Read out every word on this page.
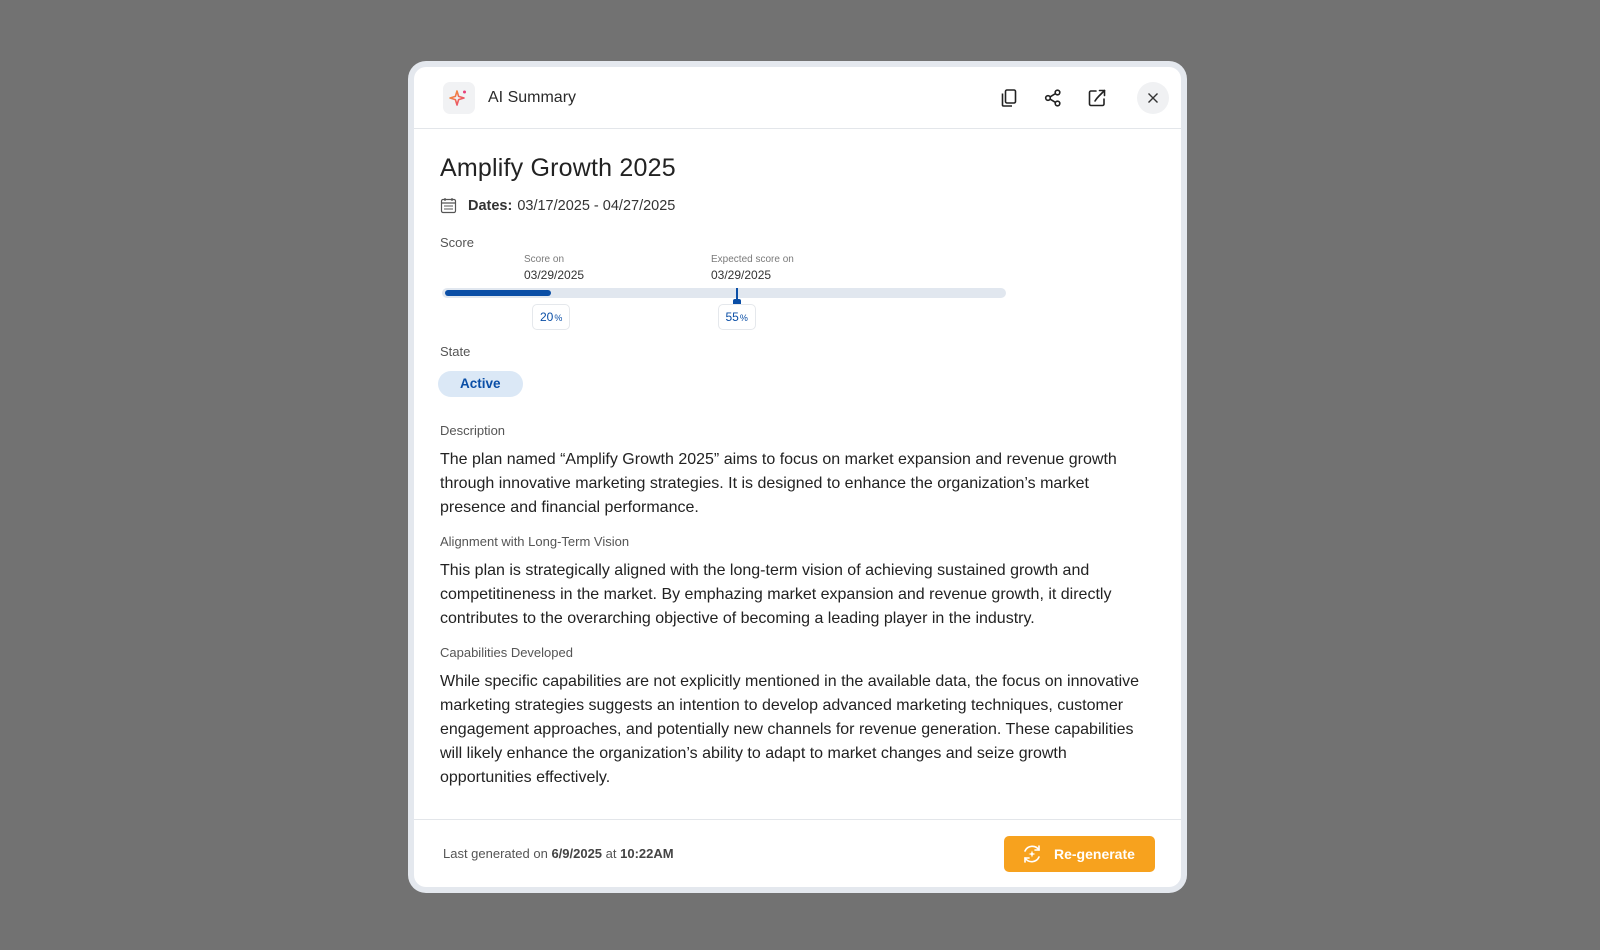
AI Summary
Amplify Growth 2025
Dates: 03/17/2025 - 04/27/2025
Score
Score on
03/29/2025
Expected score on
03/29/2025
20 %	55 %
State
Active
Description

The plan named “Amplify Growth 2025” aims to focus on market expansion and revenue growth through innovative marketing strategies. It is designed to enhance the organization’s market presence and financial performance.

Alignment with Long-Term Vision

This plan is strategically aligned with the long-term vision of achieving sustained growth and competitineness in the market. By emphazing market expansion and revenue growth, it directly contributes to the overarching objective of becoming a leading player in the industry.

Capabilities Developed

While specific capabilities are not explicitly mentioned in the available data, the focus on innovative marketing strategies suggests an intention to develop advanced marketing techniques, customer engagement approaches, and potentially new channels for revenue generation. These capabilities will likely enhance the organization’s ability to adapt to market changes and seize growth opportunities effectively.

Last generated on 6/9/2025 at 10:22AM	Re-generate
